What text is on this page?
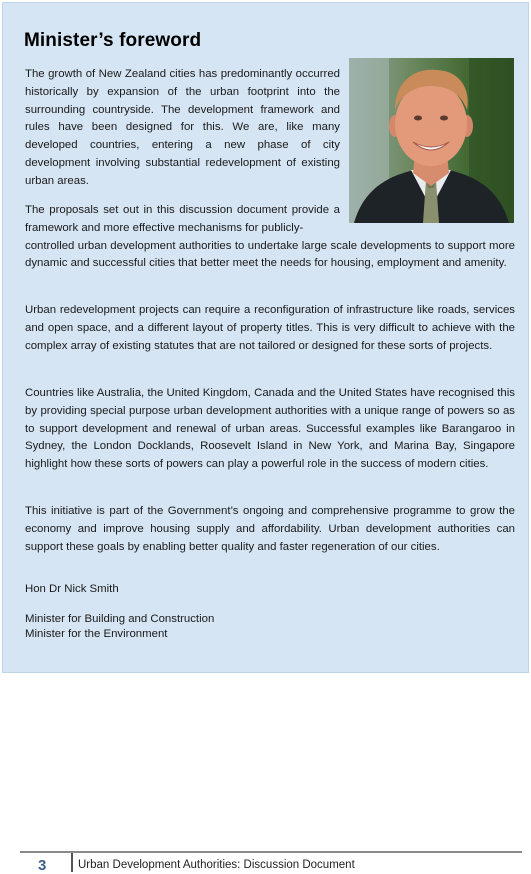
Minister’s foreword

The growth of New Zealand cities has predominantly occurred historically by expansion of the urban footprint into the surrounding countryside. The development framework and rules have been designed for this. We are, like many developed countries, entering a new phase of city development involving substantial redevelopment of existing urban areas.

The proposals set out in this discussion document provide a framework and more effective mechanisms for publicly-
controlled urban development authorities to undertake large scale developments to support more dynamic and successful cities that better meet the needs for housing, employment and amenity.

Urban redevelopment projects can require a reconfiguration of infrastructure like roads, services and open space, and a different layout of property titles. This is very difficult to achieve with the complex array of existing statutes that are not tailored or designed for these sorts of projects.

Countries like Australia, the United Kingdom, Canada and the United States have recognised this by providing special purpose urban development authorities with a unique range of powers so as to support development and renewal of urban areas. Successful examples like Barangaroo in Sydney, the London Docklands, Roosevelt Island in New York, and Marina Bay, Singapore highlight how these sorts of powers can play a powerful role in the success of modern cities.

This initiative is part of the Government’s ongoing and comprehensive programme to grow the economy and improve housing supply and affordability. Urban development authorities can support these goals by enabling better quality and faster regeneration of our cities.

Hon Dr Nick Smith
Minister for Building and Construction
Minister for the Environment
3	Urban Development Authorities: Discussion Document
